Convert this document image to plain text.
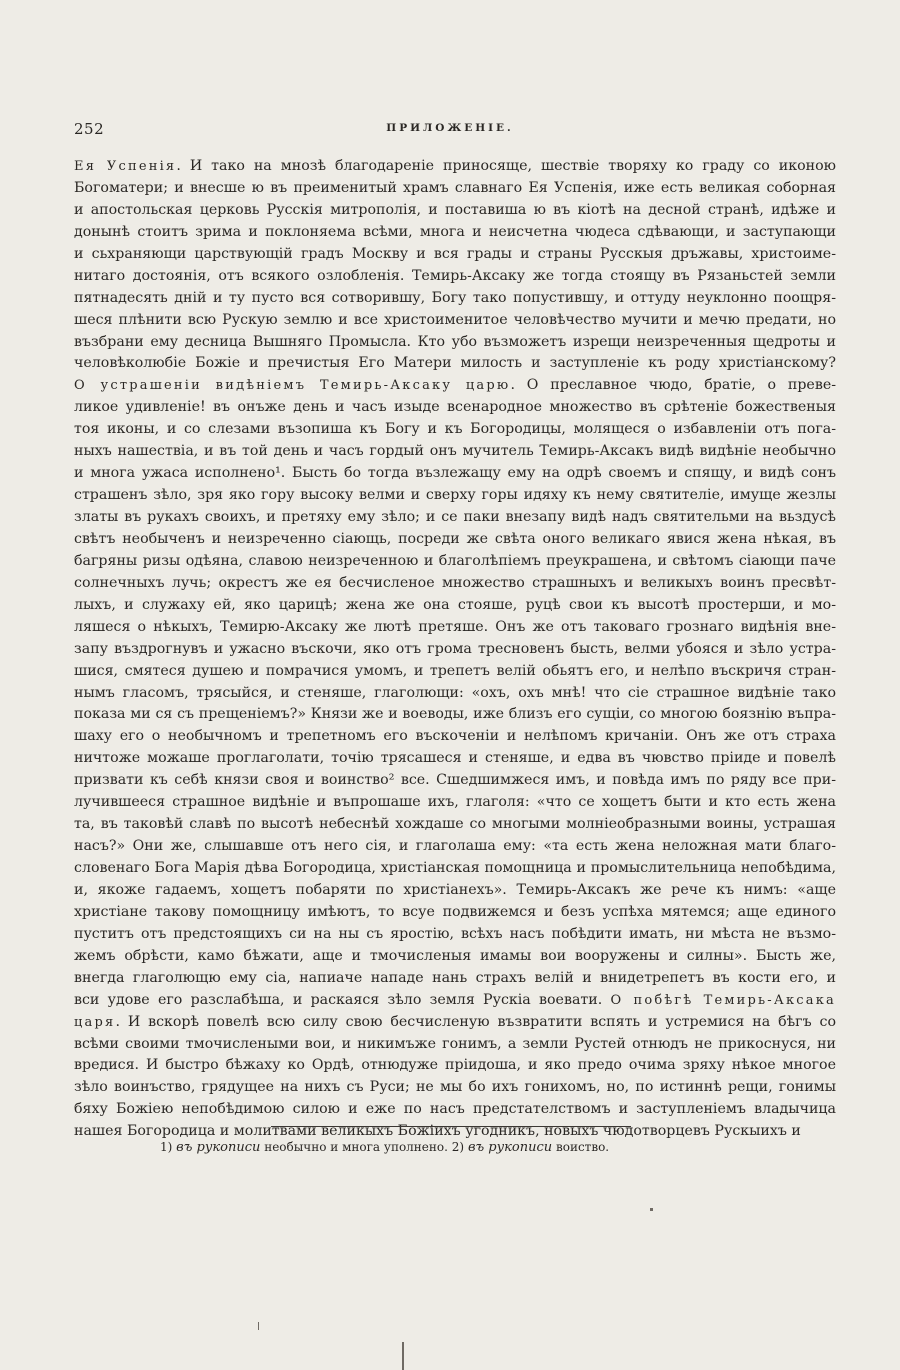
252	ПРИЛОЖЕНІЕ.
Ея Успенія. И тако на мнозѣ благодареніе приносяще, шествіе творяху ко граду со иконою
Богоматери; и внесше ю въ преименитый храмъ славнаго Ея Успенія, иже есть великая соборная
и апостольская церковь Русскія митрополія, и поставиша ю въ кіотѣ на десной странѣ, идѣже и
донынѣ стоитъ зрима и поклоняема всѣми, многа и неисчетна чюдеса сдѣвающи, и заступающи
и сьхраняющи царствующій градъ Москву и вся грады и страны Русскыя дръжавы, христоиме-
нитаго достоянія, отъ всякого озлобленія. Темирь-Аксаку же тогда стоящу въ Рязаньстей земли
пятнадесять дній и ту пусто вся сотворившу, Богу тако попустившу, и оттуду неуклонно поощря-
шеся плѣнити всю Рускую землю и все христоименитое человѣчество мучити и мечю предати, но
възбрани ему десница Вышняго Промысла. Кто убо възможетъ изрещи неизреченныя щедроты и
человѣколюбіе Божіе и пречистыя Его Матери милость и заступленіе къ роду христіанскому?
О устрашеніи видѣніемъ Темирь-Аксаку царю. О преславное чюдо, братіе, о преве-
ликое удивленіе! въ онъже день и часъ изыде всенародное множество въ срѣтеніе божественыя
тоя иконы, и со слезами възопиша къ Богу и къ Богородицы, молящеся о избавленіи отъ пога-
ныхъ нашествіа, и въ той день и часъ гордый онъ мучитель Темирь-Аксакъ видѣ видѣніе необычно
и многа ужаса исполнено¹. Бысть бо тогда възлежащу ему на одрѣ своемъ и спящу, и видѣ сонъ
страшенъ зѣло, зря яко гору высоку велми и сверху горы идяху къ нему святителіе, имуще жезлы
златы въ рукахъ своихъ, и претяху ему зѣло; и се паки внезапу видѣ надъ святительми на вьздусѣ
свѣтъ необыченъ и неизреченно сіающь, посреди же свѣта оного великаго явися жена нѣкая, въ
багряны ризы одѣяна, славою неизреченною и благолѣпіемъ преукрашена, и свѣтомъ сіающи паче
солнечныхъ лучь; окрестъ же ея бесчисленое множество страшныхъ и великыхъ воинъ пресвѣт-
лыхъ, и служаху ей, яко царицѣ; жена же она стояше, руцѣ свои къ высотѣ простерши, и мо-
ляшеся о нѣкыхъ, Темирю-Аксаку же лютѣ претяше. Онъ же отъ таковаго грознаго видѣнія вне-
запу въздрогнувъ и ужасно въскочи, яко отъ грома тресновенъ бысть, велми убояся и зѣло устра-
шися, смятеся душею и помрачися умомъ, и трепетъ велій обьятъ его, и нелѣпо въскричя стран-
нымъ гласомъ, трясыйся, и стеняше, глаголющи: «охъ, охъ мнѣ! что сіе страшное видѣніе тако
показа ми ся съ прещеніемъ?» Князи же и воеводы, иже близъ его сущіи, со многою боязнію въпра-
шаху его о необычномъ и трепетномъ его въскоченіи и нелѣпомъ кричаніи. Онъ же отъ страха
ничтоже можаше проглаголати, точію трясашеся и стеняше, и едва въ чювство пріиде и повелѣ
призвати къ себѣ князи своя и воинство² все. Сшедшимжеся имъ, и повѣда имъ по ряду все при-
лучившееся страшное видѣніе и въпрошаше ихъ, глаголя: «что се хощетъ быти и кто есть жена
та, въ таковѣй славѣ по высотѣ небеснѣй хождаше со многыми молніеобразными воины, устрашая
насъ?» Они же, слышавше отъ него сія, и глаголаша ему: «та есть жена неложная мати благо-
словенаго Бога Марія дѣва Богородица, христіанская помощница и промыслительница непобѣдима,
и, якоже гадаемъ, хощетъ побаряти по христіанехъ». Темирь-Аксакъ же рече къ нимъ: «аще
христіане такову помощницу имѣютъ, то всуе подвижемся и безъ успѣха мятемся; аще единого
пуститъ отъ предстоящихъ си на ны съ яростію, всѣхъ насъ побѣдити имать, ни мѣста не възмо-
жемъ обрѣсти, камо бѣжати, аще и тмочисленыя имамы вои вооружены и силны». Бысть же,
внегда глаголющю ему сіа, напиаче нападе нань страхъ велій и внидетрепетъ въ кости его, и
вси удове его разслабѣша, и раскаяся зѣло земля Рускіа воевати. О побѣгѣ Темирь-Аксака
царя. И вскорѣ повелѣ всю силу свою бесчисленую възвратити вспять и устремися на бѣгъ со
всѣми своими тмочислеными вои, и никимъже гонимъ, а земли Рустей отнюдъ не прикоснуся, ни
вредися. И быстро бѣжаху ко Ордѣ, отнюдуже пріидоша, и яко предо очима зряху нѣкое многое
зѣло воинъство, грядущее на нихъ съ Руси; не мы бо ихъ гонихомъ, но, по истиннѣ рещи, гонимы
бяху Божіею непобѣдимою силою и еже по насъ предстателствомъ и заступленіемъ владычица
нашея Богородица и молитвами великыхъ Божіихъ угодникъ, новыхъ чюдотворцевъ Рускыихъ и
1) въ рукописи необычно и многа уполнено. 2) въ рукописи воиство.
